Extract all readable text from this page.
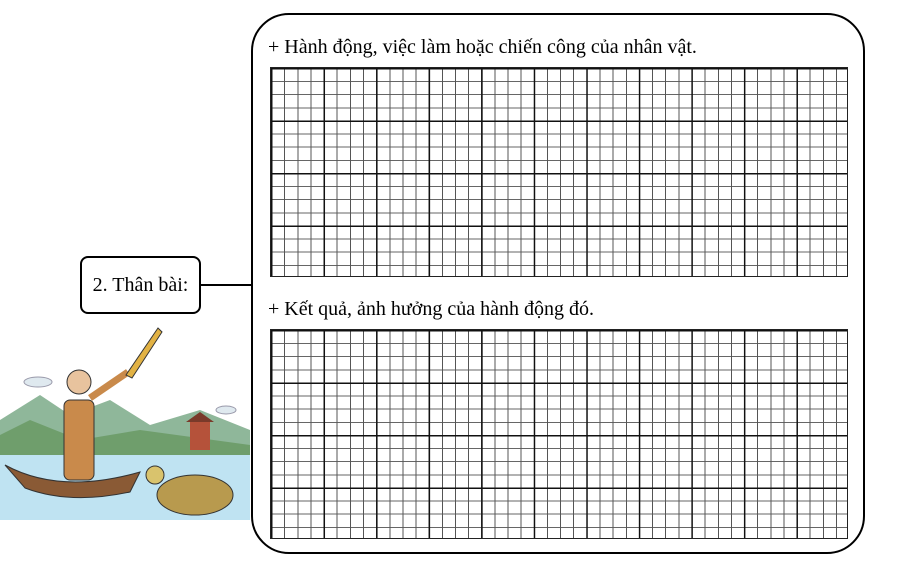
2. Thân bài:
+ Hành động, việc làm hoặc chiến công của nhân vật.
+ Kết quả, ảnh hưởng của hành động đó.
